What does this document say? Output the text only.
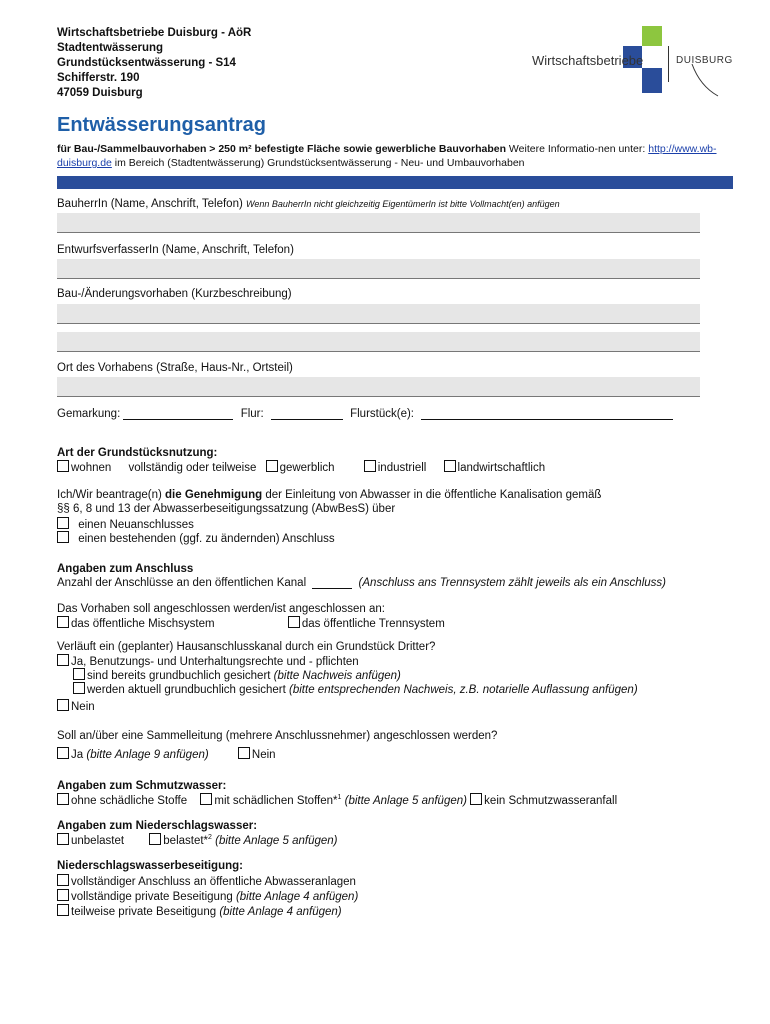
Wirtschaftsbetriebe Duisburg - AöR
Stadtentwässerung
Grundstücksentwässerung - S14
Schifferstr. 190
47059 Duisburg
Wirtschaftsbetriebe	DUISBURG
Entwässerungsantrag
für Bau-/Sammelbauvorhaben > 250 m² befestigte Fläche sowie gewerbliche Bauvorhaben Weitere Informatio-nen unter: http://www.wb-duisburg.de im Bereich (Stadtentwässerung) Grundstücksentwässerung - Neu- und Umbauvorhaben
BauherrIn (Name, Anschrift, Telefon) Wenn BauherrIn nicht gleichzeitig EigentümerIn ist bitte Vollmacht(en) anfügen
EntwurfsverfasserIn (Name, Anschrift, Telefon)
Bau-/Änderungsvorhaben (Kurzbeschreibung)
Ort des Vorhabens (Straße, Haus-Nr., Ortsteil)
Gemarkung:	Flur:	Flurstück(e):
Art der Grundstücksnutzung:
wohnen vollständig oder teilweise gewerblich	industriell	landwirtschaftlich
Ich/Wir beantrage(n) die Genehmigung der Einleitung von Abwasser in die öffentliche Kanalisation gemäß
§§ 6, 8 und 13 der Abwasserbeseitigungssatzung (AbwBesS) über
einen Neuanschlusses
einen bestehenden (ggf. zu ändernden) Anschluss
Angaben zum Anschluss
Anzahl der Anschlüsse an den öffentlichen Kanal	(Anschluss ans Trennsystem zählt jeweils als ein Anschluss)
Das Vorhaben soll angeschlossen werden/ist angeschlossen an:
das öffentliche Mischsystem	das öffentliche Trennsystem
Verläuft ein (geplanter) Hausanschlusskanal durch ein Grundstück Dritter?
Ja, Benutzungs- und Unterhaltungsrechte und - pflichten
sind bereits grundbuchlich gesichert (bitte Nachweis anfügen)
werden aktuell grundbuchlich gesichert (bitte entsprechenden Nachweis, z.B. notarielle Auflassung anfügen)
Nein
Soll an/über eine Sammelleitung (mehrere Anschlussnehmer) angeschlossen werden?
Ja (bitte Anlage 9 anfügen)	Nein
Angaben zum Schmutzwasser:
ohne schädliche Stoffe mit schädlichen Stoffen*$^1$ (bitte Anlage 5 anfügen) kein Schmutzwasseranfall
Angaben zum Niederschlagswasser:
unbelastet	belastet*$^2$ (bitte Anlage 5 anfügen)
Niederschlagswasserbeseitigung:
vollständiger Anschluss an öffentliche Abwasseranlagen
vollständige private Beseitigung (bitte Anlage 4 anfügen)
teilweise private Beseitigung (bitte Anlage 4 anfügen)
